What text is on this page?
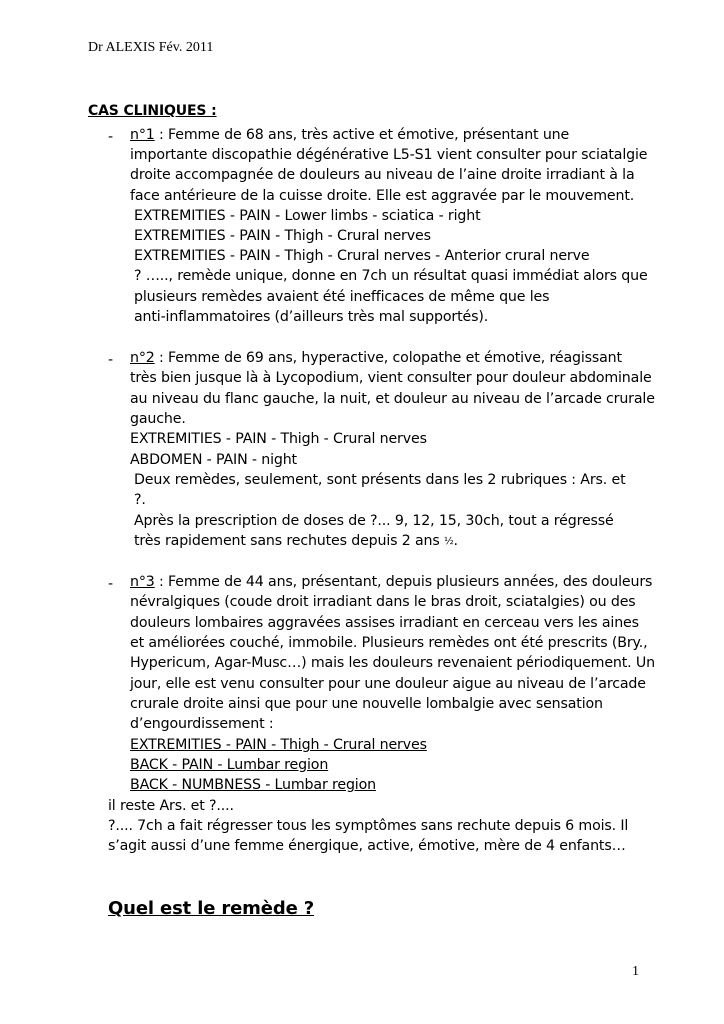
Dr ALEXIS Fév. 2011
CAS CLINIQUES :
- n°1 : Femme de 68 ans, très active et émotive, présentant une
importante discopathie dégénérative L5-S1 vient consulter pour sciatalgie
droite accompagnée de douleurs au niveau de l’aine droite irradiant à la
face antérieure de la cuisse droite. Elle est aggravée par le mouvement.
EXTREMITIES - PAIN - Lower limbs - sciatica - right
EXTREMITIES - PAIN - Thigh - Crural nerves
EXTREMITIES - PAIN - Thigh - Crural nerves - Anterior crural nerve
? ….., remède unique, donne en 7ch un résultat quasi immédiat alors que
plusieurs remèdes avaient été inefficaces de même que les
anti-inflammatoires (d’ailleurs très mal supportés).
- n°2 : Femme de 69 ans, hyperactive, colopathe et émotive, réagissant
très bien jusque là à Lycopodium, vient consulter pour douleur abdominale
au niveau du flanc gauche, la nuit, et douleur au niveau de l’arcade crurale
gauche.
EXTREMITIES - PAIN - Thigh - Crural nerves
ABDOMEN - PAIN - night
Deux remèdes, seulement, sont présents dans les 2 rubriques : Ars. et
?.
Après la prescription de doses de ?... 9, 12, 15, 30ch, tout a régressé
très rapidement sans rechutes depuis 2 ans ½.
- n°3 : Femme de 44 ans, présentant, depuis plusieurs années, des douleurs
névralgiques (coude droit irradiant dans le bras droit, sciatalgies) ou des
douleurs lombaires aggravées assises irradiant en cerceau vers les aines
et améliorées couché, immobile. Plusieurs remèdes ont été prescrits (Bry.,
Hypericum, Agar-Musc…) mais les douleurs revenaient périodiquement. Un
jour, elle est venu consulter pour une douleur aigue au niveau de l’arcade
crurale droite ainsi que pour une nouvelle lombalgie avec sensation
d’engourdissement :
EXTREMITIES - PAIN - Thigh - Crural nerves
BACK - PAIN - Lumbar region
BACK - NUMBNESS - Lumbar region
il reste Ars. et ?....
?.... 7ch a fait régresser tous les symptômes sans rechute depuis 6 mois. Il
s’agit aussi d’une femme énergique, active, émotive, mère de 4 enfants…
Quel est le remède ?
1
